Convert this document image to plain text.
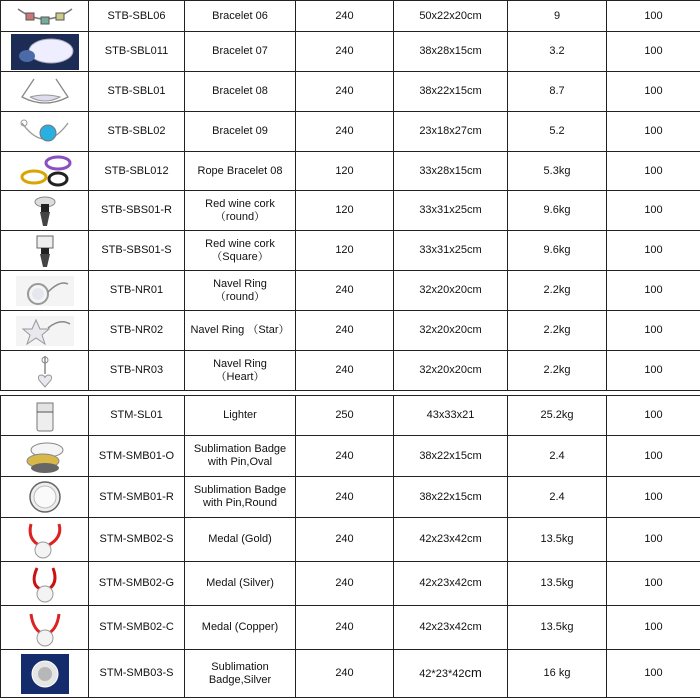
	STB-SBL06	Bracelet 06	240	50x22x20cm	9	100

	STB-SBL011	Bracelet 07	240	38x28x15cm	3.2	100

	STB-SBL01	Bracelet 08	240	38x22x15cm	8.7	100

	STB-SBL02	Bracelet 09	240	23x18x27cm	5.2	100

	STB-SBL012	Rope Bracelet 08	120	33x28x15cm	5.3kg	100

	STB-SBS01-R	Red wine cork
（round）	120	33x31x25cm	9.6kg	100

	STB-SBS01-S	Red wine cork
（Square）	120	33x31x25cm	9.6kg	100

	STB-NR01	Navel Ring
（round）	240	32x20x20cm	2.2kg	100

	STB-NR02	Navel Ring （Star）	240	32x20x20cm	2.2kg	100

	STB-NR03	Navel Ring
（Heart）	240	32x20x20cm	2.2kg	100
	STM-SL01	Lighter	250	43x33x21	25.2kg	100

	STM-SMB01-O	Sublimation Badge
with Pin,Oval	240	38x22x15cm	2.4	100

	STM-SMB01-R	Sublimation Badge
with Pin,Round	240	38x22x15cm	2.4	100

	STM-SMB02-S	Medal (Gold)	240	42x23x42cm	13.5kg	100

	STM-SMB02-G	Medal (Silver)	240	42x23x42cm	13.5kg	100

	STM-SMB02-C	Medal (Copper)	240	42x23x42cm	13.5kg	100

	STM-SMB03-S	Sublimation
Badge,Silver	240	42*23*42cm	16 kg	100
